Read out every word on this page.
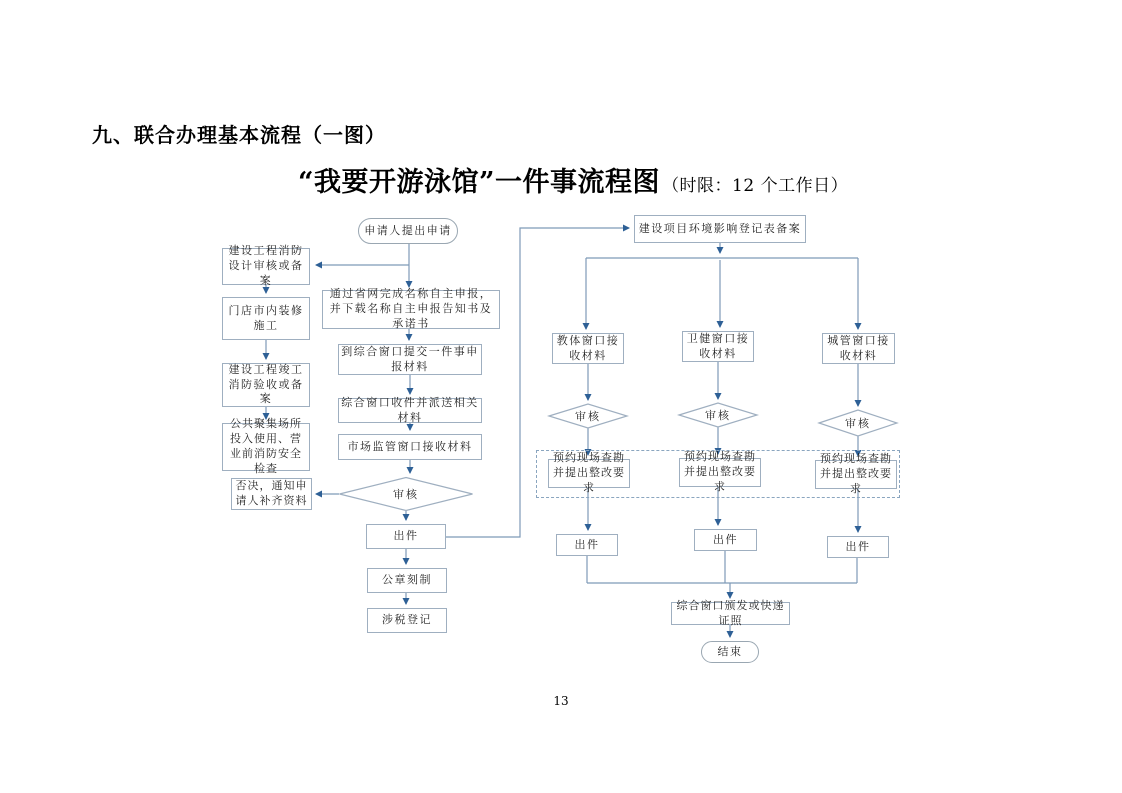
九、联合办理基本流程（一图）
“我要开游泳馆”一件事流程图 （时限：12 个工作日）
申请人提出申请
建设工程消防设计审核或备案
门店市内装修施工
建设工程竣工消防验收或备案
公共聚集场所投入使用、营业前消防安全检查
否决，通知申请人补齐资料
通过省网完成名称自主申报，并下载名称自主申报告知书及承诺书
到综合窗口提交一件事申报材料
综合窗口收件并派送相关材料
市场监管窗口接收材料
审核
出件
公章刻制
涉税登记
建设项目环境影响登记表备案
教体窗口接收材料
卫健窗口接收材料
城管窗口接收材料
审核	审核
审核
预约现场查勘并提出整改要求
预约现场查勘并提出整改要求
预约现场查勘并提出整改要求
出件	出件
出件
综合窗口颁发或快递证照
结束
13
